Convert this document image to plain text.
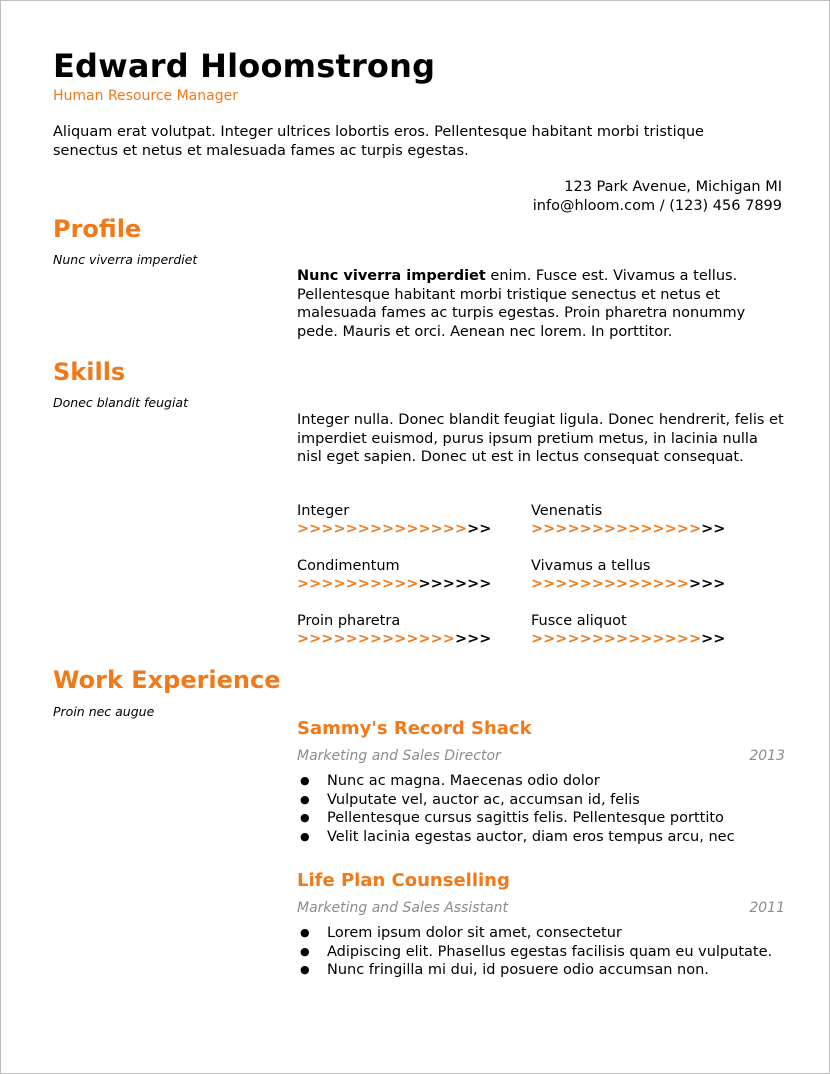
Edward Hloomstrong
Human Resource Manager
Aliquam erat volutpat. Integer ultrices lobortis eros. Pellentesque habitant morbi tristique senectus et netus et malesuada fames ac turpis egestas.
123 Park Avenue, Michigan MI
info@hloom.com / (123) 456 7899
Profile
Nunc viverra imperdiet
Nunc viverra imperdiet enim. Fusce est. Vivamus a tellus. Pellentesque habitant morbi tristique senectus et netus et malesuada fames ac turpis egestas. Proin pharetra nonummy pede. Mauris et orci. Aenean nec lorem. In porttitor.
Skills
Donec blandit feugiat
Integer nulla. Donec blandit feugiat ligula. Donec hendrerit, felis et imperdiet euismod, purus ipsum pretium metus, in lacinia nulla nisl eget sapien. Donec ut est in lectus consequat consequat.
Integer
>>>>>>>>>>>>>>>>
Venenatis
>>>>>>>>>>>>>>>>
Condimentum
>>>>>>>>>>>>>>>>
Vivamus a tellus
>>>>>>>>>>>>>>>>
Proin pharetra
>>>>>>>>>>>>>>>>
Fusce aliquot
>>>>>>>>>>>>>>>>
Work Experience
Proin nec augue
Sammy's Record Shack
Marketing and Sales Director	2013
● Nunc ac magna. Maecenas odio dolor
● Vulputate vel, auctor ac, accumsan id, felis
● Pellentesque cursus sagittis felis. Pellentesque porttito
● Velit lacinia egestas auctor, diam eros tempus arcu, nec
Life Plan Counselling
Marketing and Sales Assistant	2011
● Lorem ipsum dolor sit amet, consectetur
● Adipiscing elit. Phasellus egestas facilisis quam eu vulputate.
● Nunc fringilla mi dui, id posuere odio accumsan non.
